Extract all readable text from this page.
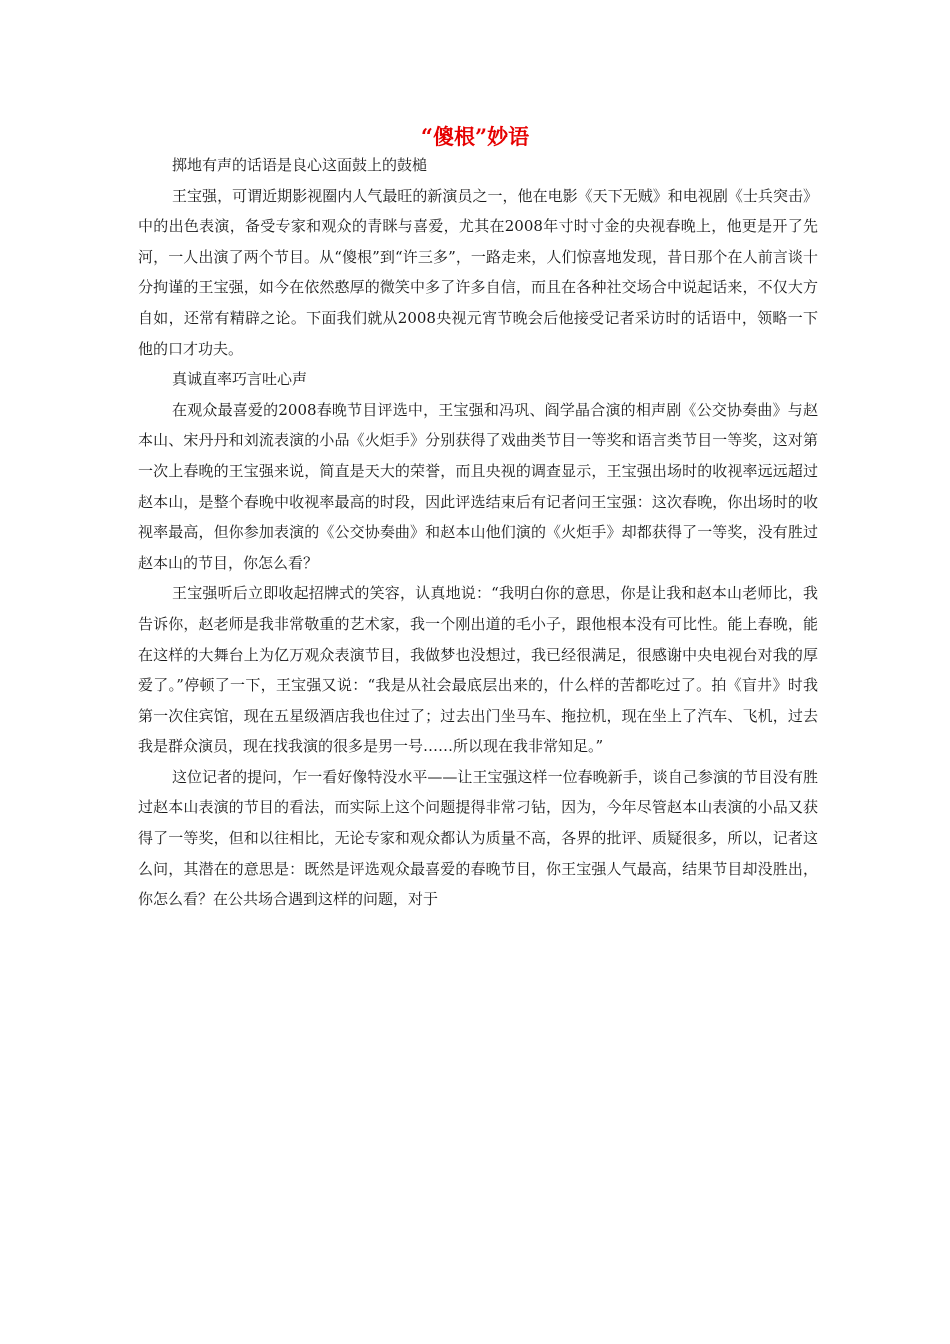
“傻根”妙语

掷地有声的话语是良心这面鼓上的鼓槌

王宝强，可谓近期影视圈内人气最旺的新演员之一，他在电影《天下无贼》和电视剧《士兵突击》中的出色表演，备受专家和观众的青眯与喜爱，尤其在2008年寸时寸金的央视春晚上，他更是开了先河，一人出演了两个节目。从“傻根”到“许三多”，一路走来，人们惊喜地发现，昔日那个在人前言谈十分拘谨的王宝强，如今在依然憨厚的微笑中多了许多自信，而且在各种社交场合中说起话来，不仅大方自如，还常有精辟之论。下面我们就从2008央视元宵节晚会后他接受记者采访时的话语中，领略一下他的口才功夫。

真诚直率巧言吐心声

在观众最喜爱的2008春晚节目评选中，王宝强和冯巩、阎学晶合演的相声剧《公交协奏曲》与赵本山、宋丹丹和刘流表演的小品《火炬手》分别获得了戏曲类节目一等奖和语言类节目一等奖，这对第一次上春晚的王宝强来说，简直是天大的荣誉，而且央视的调查显示，王宝强出场时的收视率远远超过赵本山，是整个春晚中收视率最高的时段，因此评选结束后有记者问王宝强：这次春晚，你出场时的收视率最高，但你参加表演的《公交协奏曲》和赵本山他们演的《火炬手》却都获得了一等奖，没有胜过赵本山的节目，你怎么看？

王宝强听后立即收起招牌式的笑容，认真地说：“我明白你的意思，你是让我和赵本山老师比，我告诉你，赵老师是我非常敬重的艺术家，我一个刚出道的毛小子，跟他根本没有可比性。能上春晚，能在这样的大舞台上为亿万观众表演节目，我做梦也没想过，我已经很满足，很感谢中央电视台对我的厚爱了。”停顿了一下，王宝强又说：“我是从社会最底层出来的，什么样的苦都吃过了。拍《盲井》时我第一次住宾馆，现在五星级酒店我也住过了；过去出门坐马车、拖拉机，现在坐上了汽车、飞机，过去我是群众演员，现在找我演的很多是男一号……所以现在我非常知足。”

这位记者的提问，乍一看好像特没水平——让王宝强这样一位春晚新手，谈自己参演的节目没有胜过赵本山表演的节目的看法，而实际上这个问题提得非常刁钻，因为，今年尽管赵本山表演的小品又获得了一等奖，但和以往相比，无论专家和观众都认为质量不高，各界的批评、质疑很多，所以，记者这么问，其潜在的意思是：既然是评选观众最喜爱的春晚节目，你王宝强人气最高，结果节目却没胜出，你怎么看？在公共场合遇到这样的问题，对于
